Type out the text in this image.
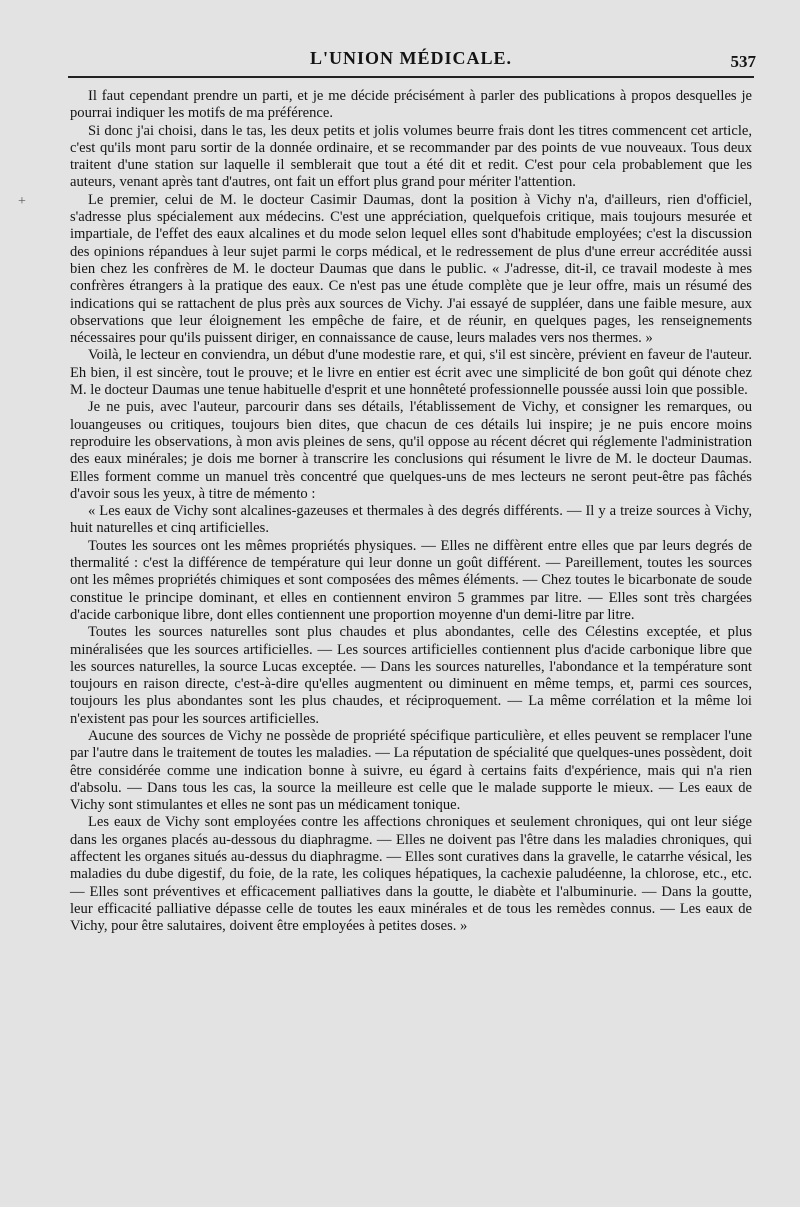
L'UNION MÉDICALE.	537
+

Il faut cependant prendre un parti, et je me décide précisément à parler des publications à propos desquelles je pourrai indiquer les motifs de ma préférence.

Si donc j'ai choisi, dans le tas, les deux petits et jolis volumes beurre frais dont les titres commencent cet article, c'est qu'ils mont paru sortir de la donnée ordinaire, et se recommander par des points de vue nouveaux. Tous deux traitent d'une station sur laquelle il semblerait que tout a été dit et redit. C'est pour cela probablement que les auteurs, venant après tant d'autres, ont fait un effort plus grand pour mériter l'attention.

Le premier, celui de M. le docteur Casimir Daumas, dont la position à Vichy n'a, d'ailleurs, rien d'officiel, s'adresse plus spécialement aux médecins. C'est une appréciation, quelquefois critique, mais toujours mesurée et impartiale, de l'effet des eaux alcalines et du mode selon lequel elles sont d'habitude employées; c'est la discussion des opinions répandues à leur sujet parmi le corps médical, et le redressement de plus d'une erreur accréditée aussi bien chez les confrères de M. le docteur Daumas que dans le public. « J'adresse, dit-il, ce travail modeste à mes confrères étrangers à la pratique des eaux. Ce n'est pas une étude complète que je leur offre, mais un résumé des indications qui se rattachent de plus près aux sources de Vichy. J'ai essayé de suppléer, dans une faible mesure, aux observations que leur éloignement les empêche de faire, et de réunir, en quelques pages, les renseignements nécessaires pour qu'ils puissent diriger, en connaissance de cause, leurs malades vers nos thermes. »

Voilà, le lecteur en conviendra, un début d'une modestie rare, et qui, s'il est sincère, prévient en faveur de l'auteur. Eh bien, il est sincère, tout le prouve; et le livre en entier est écrit avec une simplicité de bon goût qui dénote chez M. le docteur Daumas une tenue habituelle d'esprit et une honnêteté professionnelle poussée aussi loin que possible.

Je ne puis, avec l'auteur, parcourir dans ses détails, l'établissement de Vichy, et consigner les remarques, ou louangeuses ou critiques, toujours bien dites, que chacun de ces détails lui inspire; je ne puis encore moins reproduire les observations, à mon avis pleines de sens, qu'il oppose au récent décret qui réglemente l'administration des eaux minérales; je dois me borner à transcrire les conclusions qui résument le livre de M. le docteur Daumas. Elles forment comme un manuel très concentré que quelques-uns de mes lecteurs ne seront peut-être pas fâchés d'avoir sous les yeux, à titre de mémento :

« Les eaux de Vichy sont alcalines-gazeuses et thermales à des degrés différents. — Il y a treize sources à Vichy, huit naturelles et cinq artificielles.

Toutes les sources ont les mêmes propriétés physiques. — Elles ne diffèrent entre elles que par leurs degrés de thermalité : c'est la différence de température qui leur donne un goût différent. — Pareillement, toutes les sources ont les mêmes propriétés chimiques et sont composées des mêmes éléments. — Chez toutes le bicarbonate de soude constitue le principe dominant, et elles en contiennent environ 5 grammes par litre. — Elles sont très chargées d'acide carbonique libre, dont elles contiennent une proportion moyenne d'un demi-litre par litre.

Toutes les sources naturelles sont plus chaudes et plus abondantes, celle des Célestins exceptée, et plus minéralisées que les sources artificielles. — Les sources artificielles contiennent plus d'acide carbonique libre que les sources naturelles, la source Lucas exceptée. — Dans les sources naturelles, l'abondance et la température sont toujours en raison directe, c'est-à-dire qu'elles augmentent ou diminuent en même temps, et, parmi ces sources, toujours les plus abondantes sont les plus chaudes, et réciproquement. — La même corrélation et la même loi n'existent pas pour les sources artificielles.

Aucune des sources de Vichy ne possède de propriété spécifique particulière, et elles peuvent se remplacer l'une par l'autre dans le traitement de toutes les maladies. — La réputation de spécialité que quelques-unes possèdent, doit être considérée comme une indication bonne à suivre, eu égard à certains faits d'expérience, mais qui n'a rien d'absolu. — Dans tous les cas, la source la meilleure est celle que le malade supporte le mieux. — Les eaux de Vichy sont stimulantes et elles ne sont pas un médicament tonique.

Les eaux de Vichy sont employées contre les affections chroniques et seulement chroniques, qui ont leur siége dans les organes placés au-dessous du diaphragme. — Elles ne doivent pas l'être dans les maladies chroniques, qui affectent les organes situés au-dessus du diaphragme. — Elles sont curatives dans la gravelle, le catarrhe vésical, les maladies du dube digestif, du foie, de la rate, les coliques hépatiques, la cachexie paludéenne, la chlorose, etc., etc. — Elles sont préventives et efficacement palliatives dans la goutte, le diabète et l'albuminurie. — Dans la goutte, leur efficacité palliative dépasse celle de toutes les eaux minérales et de tous les remèdes connus. — Les eaux de Vichy, pour être salutaires, doivent être employées à petites doses. »
